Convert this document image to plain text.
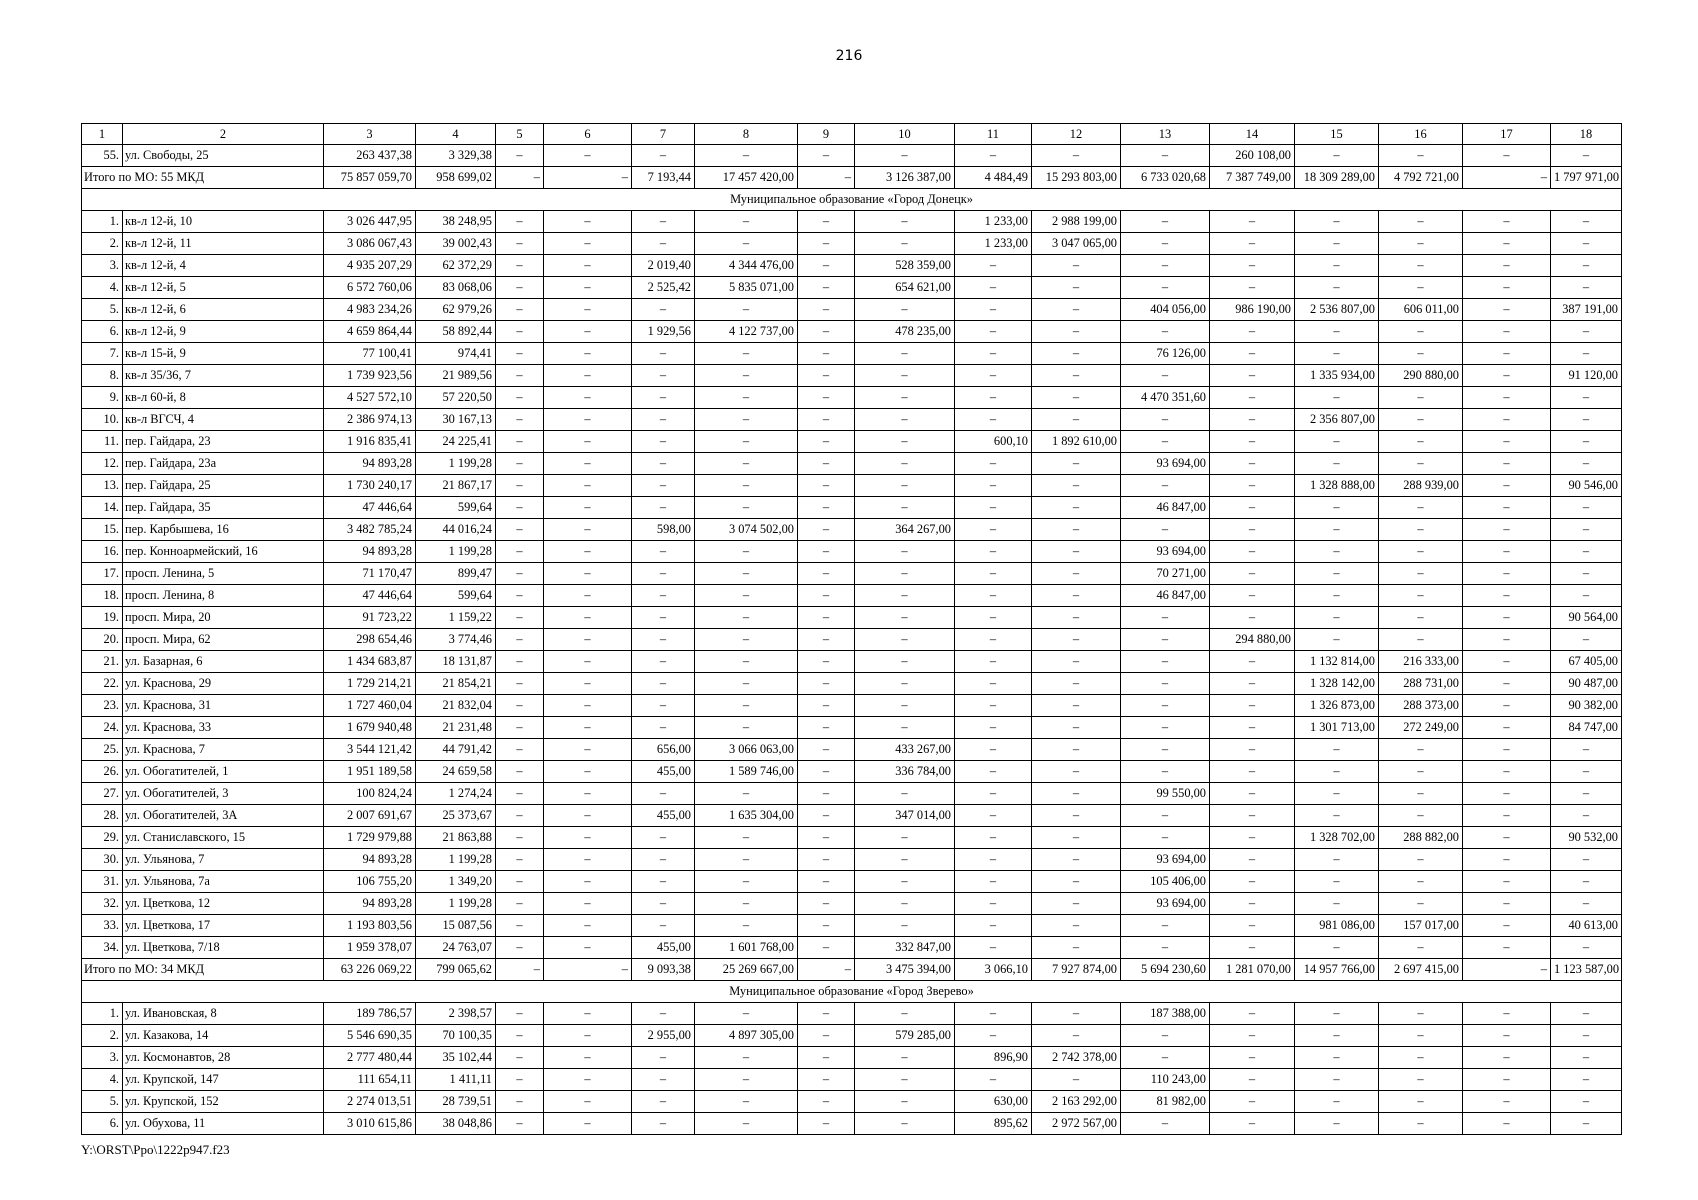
216
1	2	3	4	5	6	7	8	9	10	11	12	13	14	15	16	17	18
55.	ул. Свободы, 25	263 437,38	3 329,38	–	–	–	–	–	–	–	–	–	260 108,00	–	–	–	–
Итого по МО: 55 МКД		75 857 059,70	958 699,02	–	–	7 193,44	17 457 420,00	–	3 126 387,00	4 484,49	15 293 803,00	6 733 020,68	7 387 749,00	18 309 289,00	4 792 721,00	–	1 797 971,00
Муниципальное образование «Город Донецк»																	
1.	кв-л 12-й, 10	3 026 447,95	38 248,95	–	–	–	–	–	–	1 233,00	2 988 199,00	–	–	–	–	–	–
2.	кв-л 12-й, 11	3 086 067,43	39 002,43	–	–	–	–	–	–	1 233,00	3 047 065,00	–	–	–	–	–	–
3.	кв-л 12-й, 4	4 935 207,29	62 372,29	–	–	2 019,40	4 344 476,00	–	528 359,00	–	–	–	–	–	–	–	–
4.	кв-л 12-й, 5	6 572 760,06	83 068,06	–	–	2 525,42	5 835 071,00	–	654 621,00	–	–	–	–	–	–	–	–
5.	кв-л 12-й, 6	4 983 234,26	62 979,26	–	–	–	–	–	–	–	–	404 056,00	986 190,00	2 536 807,00	606 011,00	–	387 191,00
6.	кв-л 12-й, 9	4 659 864,44	58 892,44	–	–	1 929,56	4 122 737,00	–	478 235,00	–	–	–	–	–	–	–	–
7.	кв-л 15-й, 9	77 100,41	974,41	–	–	–	–	–	–	–	–	76 126,00	–	–	–	–	–
8.	кв-л 35/36, 7	1 739 923,56	21 989,56	–	–	–	–	–	–	–	–	–	–	1 335 934,00	290 880,00	–	91 120,00
9.	кв-л 60-й, 8	4 527 572,10	57 220,50	–	–	–	–	–	–	–	–	4 470 351,60	–	–	–	–	–
10.	кв-л ВГСЧ, 4	2 386 974,13	30 167,13	–	–	–	–	–	–	–	–	–	–	2 356 807,00	–	–	–
11.	пер. Гайдара, 23	1 916 835,41	24 225,41	–	–	–	–	–	–	600,10	1 892 610,00	–	–	–	–	–	–
12.	пер. Гайдара, 23а	94 893,28	1 199,28	–	–	–	–	–	–	–	–	93 694,00	–	–	–	–	–
13.	пер. Гайдара, 25	1 730 240,17	21 867,17	–	–	–	–	–	–	–	–	–	–	1 328 888,00	288 939,00	–	90 546,00
14.	пер. Гайдара, 35	47 446,64	599,64	–	–	–	–	–	–	–	–	46 847,00	–	–	–	–	–
15.	пер. Карбышева, 16	3 482 785,24	44 016,24	–	–	598,00	3 074 502,00	–	364 267,00	–	–	–	–	–	–	–	–
16.	пер. Конноармейский, 16	94 893,28	1 199,28	–	–	–	–	–	–	–	–	93 694,00	–	–	–	–	–
17.	просп. Ленина, 5	71 170,47	899,47	–	–	–	–	–	–	–	–	70 271,00	–	–	–	–	–
18.	просп. Ленина, 8	47 446,64	599,64	–	–	–	–	–	–	–	–	46 847,00	–	–	–	–	–
19.	просп. Мира, 20	91 723,22	1 159,22	–	–	–	–	–	–	–	–	–	–	–	–	–	90 564,00
20.	просп. Мира, 62	298 654,46	3 774,46	–	–	–	–	–	–	–	–	–	294 880,00	–	–	–	–
21.	ул. Базарная, 6	1 434 683,87	18 131,87	–	–	–	–	–	–	–	–	–	–	1 132 814,00	216 333,00	–	67 405,00
22.	ул. Краснова, 29	1 729 214,21	21 854,21	–	–	–	–	–	–	–	–	–	–	1 328 142,00	288 731,00	–	90 487,00
23.	ул. Краснова, 31	1 727 460,04	21 832,04	–	–	–	–	–	–	–	–	–	–	1 326 873,00	288 373,00	–	90 382,00
24.	ул. Краснова, 33	1 679 940,48	21 231,48	–	–	–	–	–	–	–	–	–	–	1 301 713,00	272 249,00	–	84 747,00
25.	ул. Краснова, 7	3 544 121,42	44 791,42	–	–	656,00	3 066 063,00	–	433 267,00	–	–	–	–	–	–	–	–
26.	ул. Обогатителей, 1	1 951 189,58	24 659,58	–	–	455,00	1 589 746,00	–	336 784,00	–	–	–	–	–	–	–	–
27.	ул. Обогатителей, 3	100 824,24	1 274,24	–	–	–	–	–	–	–	–	99 550,00	–	–	–	–	–
28.	ул. Обогатителей, 3А	2 007 691,67	25 373,67	–	–	455,00	1 635 304,00	–	347 014,00	–	–	–	–	–	–	–	–
29.	ул. Станиславского, 15	1 729 979,88	21 863,88	–	–	–	–	–	–	–	–	–	–	1 328 702,00	288 882,00	–	90 532,00
30.	ул. Ульянова, 7	94 893,28	1 199,28	–	–	–	–	–	–	–	–	93 694,00	–	–	–	–	–
31.	ул. Ульянова, 7а	106 755,20	1 349,20	–	–	–	–	–	–	–	–	105 406,00	–	–	–	–	–
32.	ул. Цветкова, 12	94 893,28	1 199,28	–	–	–	–	–	–	–	–	93 694,00	–	–	–	–	–
33.	ул. Цветкова, 17	1 193 803,56	15 087,56	–	–	–	–	–	–	–	–	–	–	981 086,00	157 017,00	–	40 613,00
34.	ул. Цветкова, 7/18	1 959 378,07	24 763,07	–	–	455,00	1 601 768,00	–	332 847,00	–	–	–	–	–	–	–	–
Итого по МО: 34 МКД		63 226 069,22	799 065,62	–	–	9 093,38	25 269 667,00	–	3 475 394,00	3 066,10	7 927 874,00	5 694 230,60	1 281 070,00	14 957 766,00	2 697 415,00	–	1 123 587,00
Муниципальное образование «Город Зверево»																	
1.	ул. Ивановская, 8	189 786,57	2 398,57	–	–	–	–	–	–	–	–	187 388,00	–	–	–	–	–
2.	ул. Казакова, 14	5 546 690,35	70 100,35	–	–	2 955,00	4 897 305,00	–	579 285,00	–	–	–	–	–	–	–	–
3.	ул. Космонавтов, 28	2 777 480,44	35 102,44	–	–	–	–	–	–	896,90	2 742 378,00	–	–	–	–	–	–
4.	ул. Крупской, 147	111 654,11	1 411,11	–	–	–	–	–	–	–	–	110 243,00	–	–	–	–	–
5.	ул. Крупской, 152	2 274 013,51	28 739,51	–	–	–	–	–	–	630,00	2 163 292,00	81 982,00	–	–	–	–	–
6.	ул. Обухова, 11	3 010 615,86	38 048,86	–	–	–	–	–	–	895,62	2 972 567,00	–	–	–	–	–	–
Y:\ORST\Ppo\1222p947.f23
